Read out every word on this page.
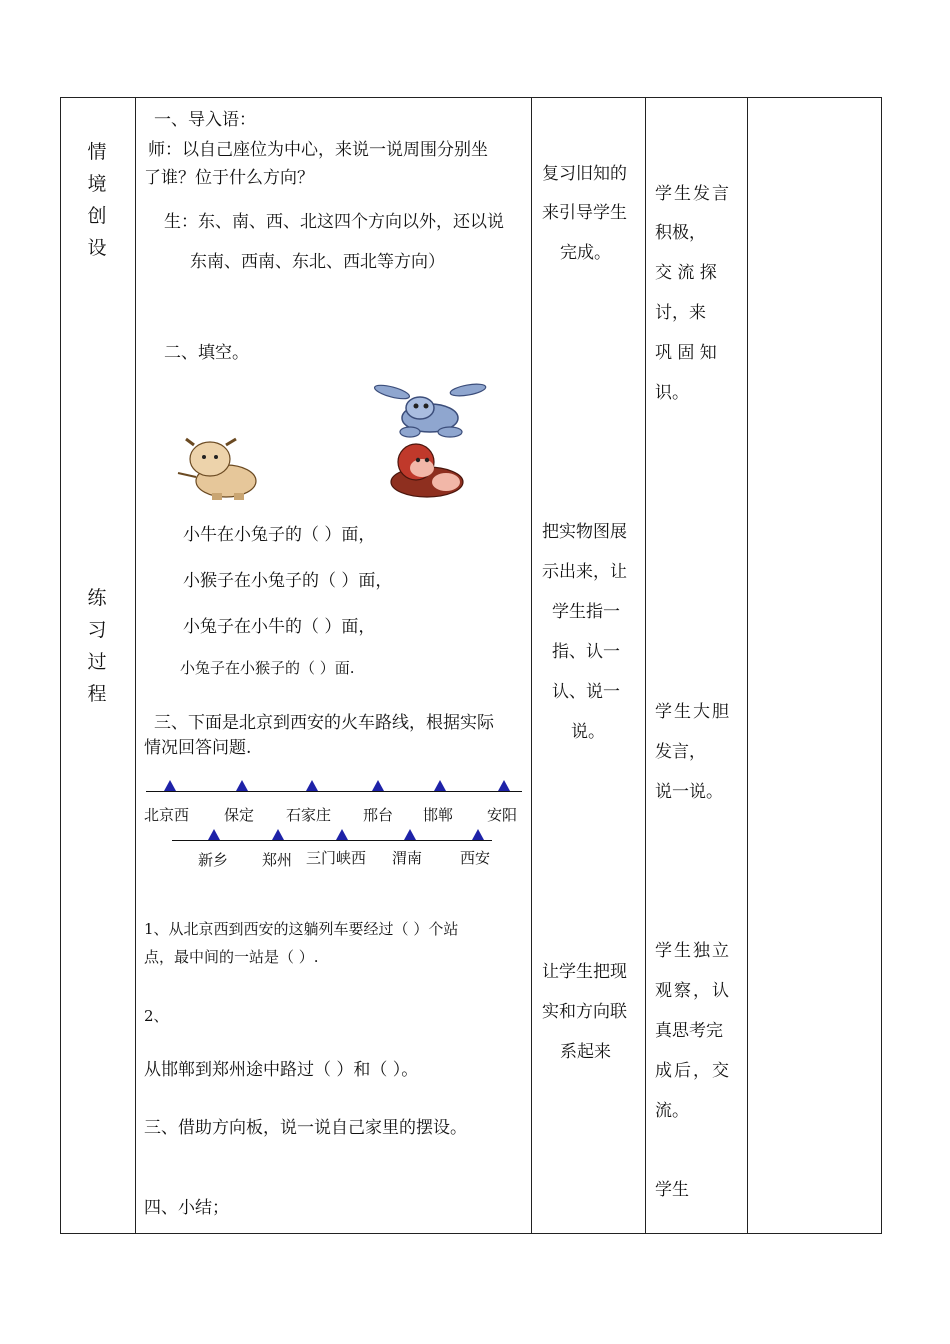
情
境
创
设
练
习
过
程
一、导入语：
师：以自己座位为中心，来说一说周围分别坐
了谁？位于什么方向？
生：东、南、西、北这四个方向以外，还以说
东南、西南、东北、西北等方向）
二、填空。
小牛在小兔子的（ ）面，
小猴子在小兔子的（ ）面，
小兔子在小牛的（ ）面，
小兔子在小猴子的（ ）面.
三、下面是北京到西安的火车路线，根据实际
情况回答问题.
北京西 保定 石家庄 邢台 邯郸 安阳
新乡 郑州 三门峡西 渭南	西安
1、从北京西到西安的这躺列车要经过（ ）个站
点，最中间的一站是（ ）.
2、
从邯郸到郑州途中路过（ ）和（ ）。
三、借助方向板，说一说自己家里的摆设。
四、小结；
复习旧知的
来引导学生
完成。
把实物图展
示出来，让
学生指一
指、认一
认、说一
说。
让学生把现
实和方向联
系起来
学生发言
积极，
交 流 探
讨，来
巩 固 知
识。
学生大胆
发言，
说一说。
学生独立
观察，认
真思考完
成后，交
流。
学生
